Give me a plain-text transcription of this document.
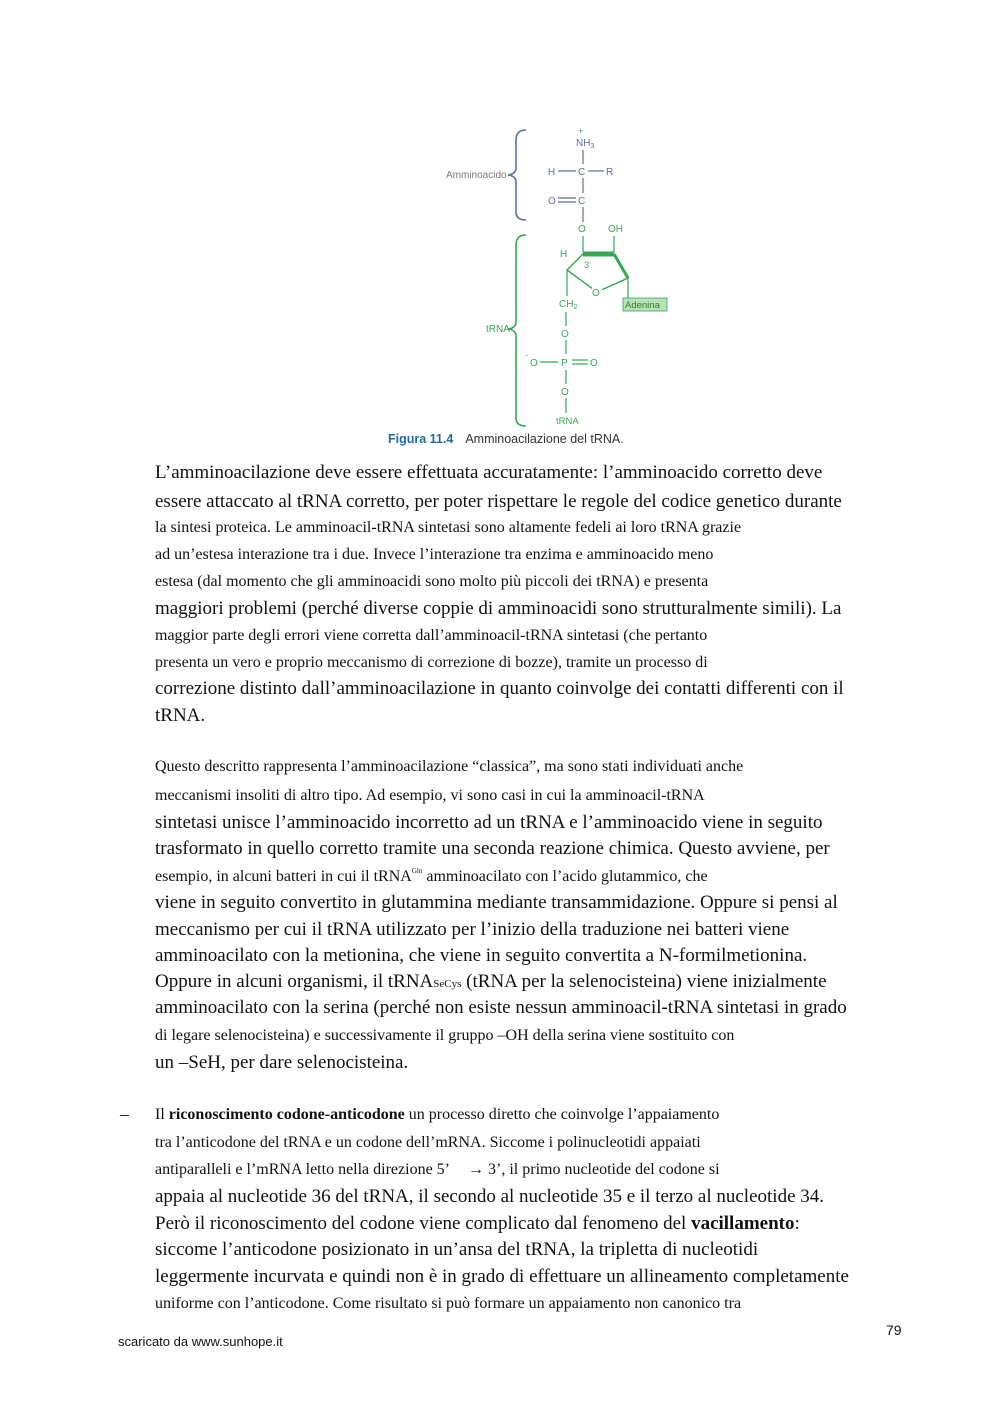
Amminoacido
tRNA
+
$NH_3$
H C R
O C
O OH
H
3’
O
Adenina
$CH_2$
O
-
O P O
O
tRNA
Figura 11.4 Amminoacilazione del tRNA.
L’amminoacilazione deve essere effettuata accuratamente: l’amminoacido corretto deve
essere attaccato al tRNA corretto, per poter rispettare le regole del codice genetico durante
la sintesi proteica. Le amminoacil-tRNA sintetasi sono altamente fedeli ai loro tRNA grazie
ad un’estesa interazione tra i due. Invece l’interazione tra enzima e amminoacido meno
estesa (dal momento che gli amminoacidi sono molto più piccoli dei tRNA) e presenta
maggiori problemi (perché diverse coppie di amminoacidi sono strutturalmente simili). La
maggior parte degli errori viene corretta dall’amminoacil-tRNA sintetasi (che pertanto
presenta un vero e proprio meccanismo di correzione di bozze), tramite un processo di
correzione distinto dall’amminoacilazione in quanto coinvolge dei contatti differenti con il
tRNA.
Questo descritto rappresenta l’amminoacilazione “classica”, ma sono stati individuati anche
meccanismi insoliti di altro tipo. Ad esempio, vi sono casi in cui la amminoacil-tRNA
sintetasi unisce l’amminoacido incorretto ad un tRNA e l’amminoacido viene in seguito
trasformato in quello corretto tramite una seconda reazione chimica. Questo avviene, per
esempio, in alcuni batteri in cui il tRNA$^{Gln}$ amminoacilato con l’acido glutammico, che
viene in seguito convertito in glutammina mediante transammidazione. Oppure si pensi al
meccanismo per cui il tRNA utilizzato per l’inizio della traduzione nei batteri viene
amminoacilato con la metionina, che viene in seguito convertita a N-formilmetionina.
Oppure in alcuni organismi, il tRNASeCys (tRNA per la selenocisteina) viene inizialmente
amminoacilato con la serina (perché non esiste nessun amminoacil-tRNA sintetasi in grado
di legare selenocisteina) e successivamente il gruppo –OH della serina viene sostituito con
un –SeH, per dare selenocisteina.
– Il riconoscimento codone-anticodone un processo diretto che coinvolge l’appaiamento
tra l’anticodone del tRNA e un codone dell’mRNA. Siccome i polinucleotidi appaiati
antiparalleli e l’mRNA letto nella direzione 5’ → 3’, il primo nucleotide del codone si
appaia al nucleotide 36 del tRNA, il secondo al nucleotide 35 e il terzo al nucleotide 34.
Però il riconoscimento del codone viene complicato dal fenomeno del vacillamento:
siccome l’anticodone posizionato in un’ansa del tRNA, la tripletta di nucleotidi
leggermente incurvata e quindi non è in grado di effettuare un allineamento completamente
uniforme con l’anticodone. Come risultato si può formare un appaiamento non canonico tra
scaricato da www.sunhope.it
79
